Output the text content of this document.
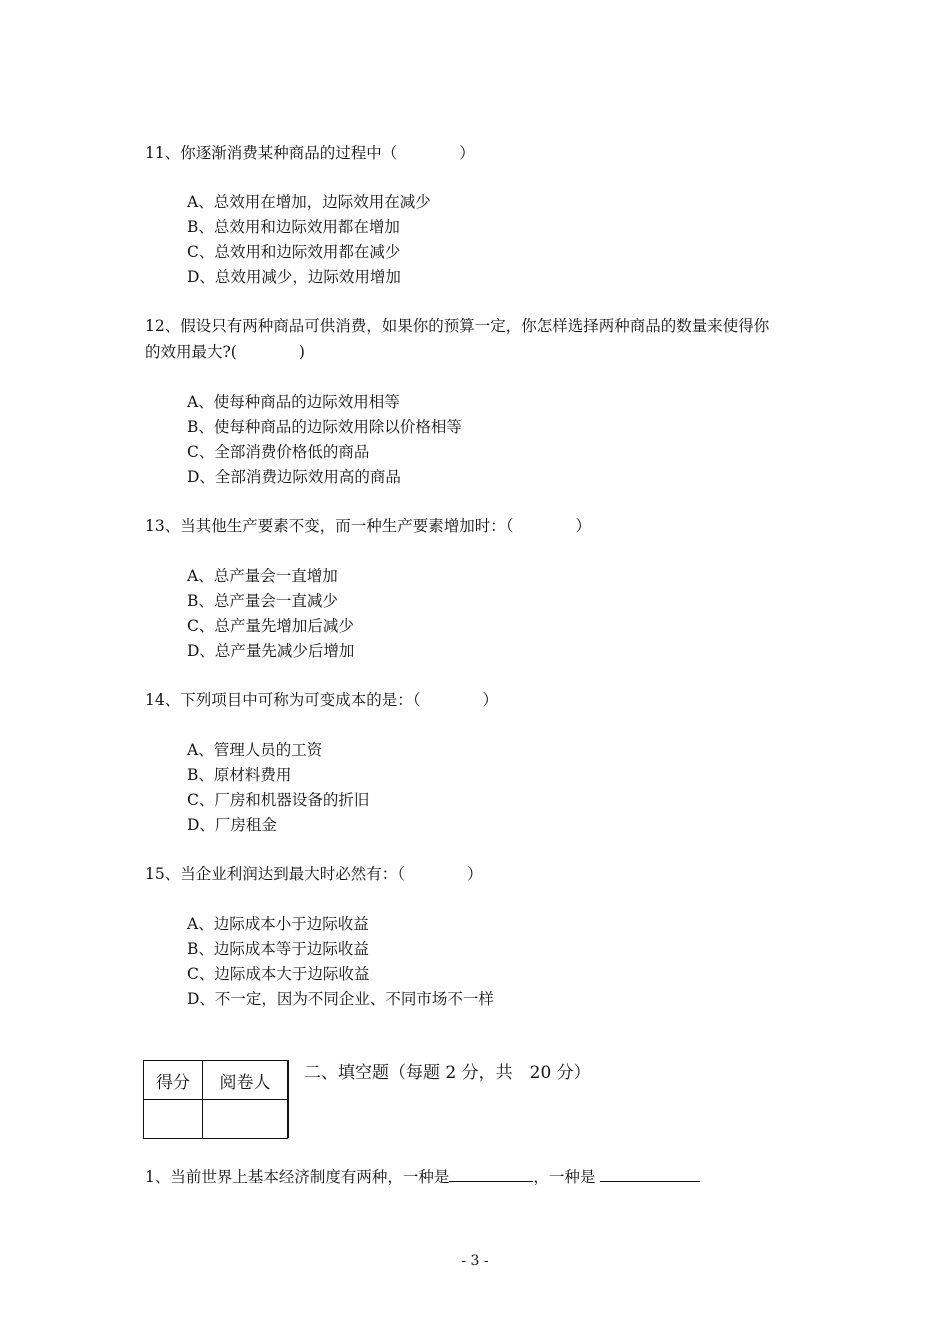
11、你逐渐消费某种商品的过程中（　　　　）
A、总效用在增加，边际效用在减少
B、总效用和边际效用都在增加
C、总效用和边际效用都在减少
D、总效用减少，边际效用增加
12、假设只有两种商品可供消费，如果你的预算一定，你怎样选择两种商品的数量来使得你
的效用最大?(　　　　)
A、使每种商品的边际效用相等
B、使每种商品的边际效用除以价格相等
C、全部消费价格低的商品
D、全部消费边际效用高的商品
13、当其他生产要素不变，而一种生产要素增加时：（　　　　）
A、总产量会一直增加
B、总产量会一直减少
C、总产量先增加后减少
D、总产量先减少后增加
14、下列项目中可称为可变成本的是：（　　　　）
A、管理人员的工资
B、原材料费用
C、厂房和机器设备的折旧
D、厂房租金
15、当企业利润达到最大时必然有：（　　　　）
A、边际成本小于边际收益
B、边际成本等于边际收益
C、边际成本大于边际收益
D、不一定，因为不同企业、不同市场不一样
得分	阅卷人
	二、填空题（每题 2 分，共　20 分）
1、当前世界上基本经济制度有两种，一种是	，一种是
- 3 -
